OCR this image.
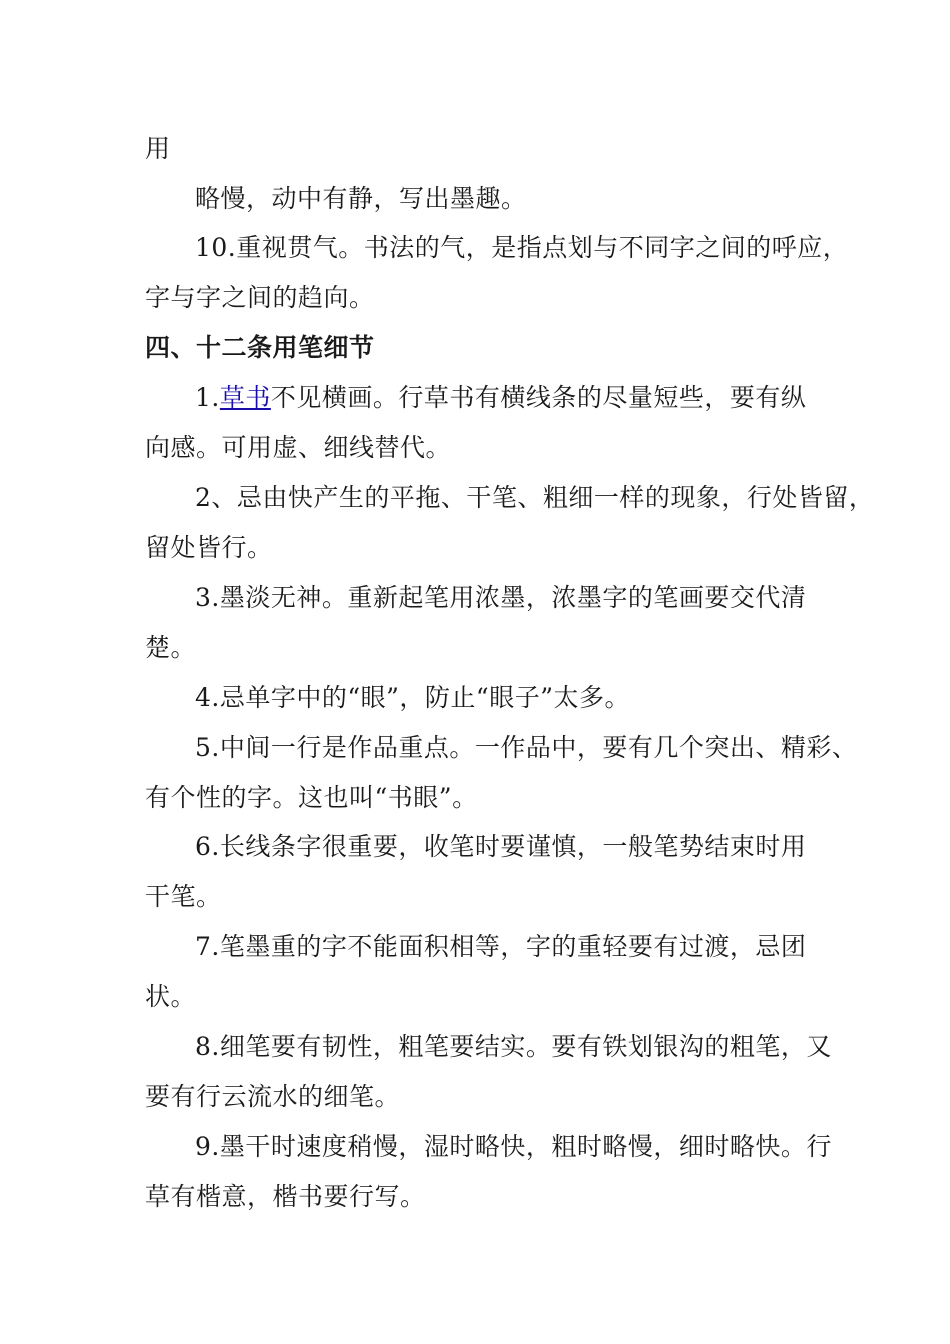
用
略慢，动中有静，写出墨趣。
10.重视贯气。书法的气，是指点划与不同字之间的呼应，
字与字之间的趋向。
四、十二条用笔细节
1.草书不见横画。行草书有横线条的尽量短些，要有纵
向感。可用虚、细线替代。
2、忌由快产生的平拖、干笔、粗细一样的现象，行处皆留，
留处皆行。
3.墨淡无神。重新起笔用浓墨，浓墨字的笔画要交代清
楚。
4.忌单字中的“眼”，防止“眼子”太多。
5.中间一行是作品重点。一作品中，要有几个突出、精彩、
有个性的字。这也叫“书眼”。
6.长线条字很重要，收笔时要谨慎，一般笔势结束时用
干笔。
7.笔墨重的字不能面积相等，字的重轻要有过渡，忌团
状。
8.细笔要有韧性，粗笔要结实。要有铁划银沟的粗笔，又
要有行云流水的细笔。
9.墨干时速度稍慢，湿时略快，粗时略慢，细时略快。行
草有楷意，楷书要行写。
